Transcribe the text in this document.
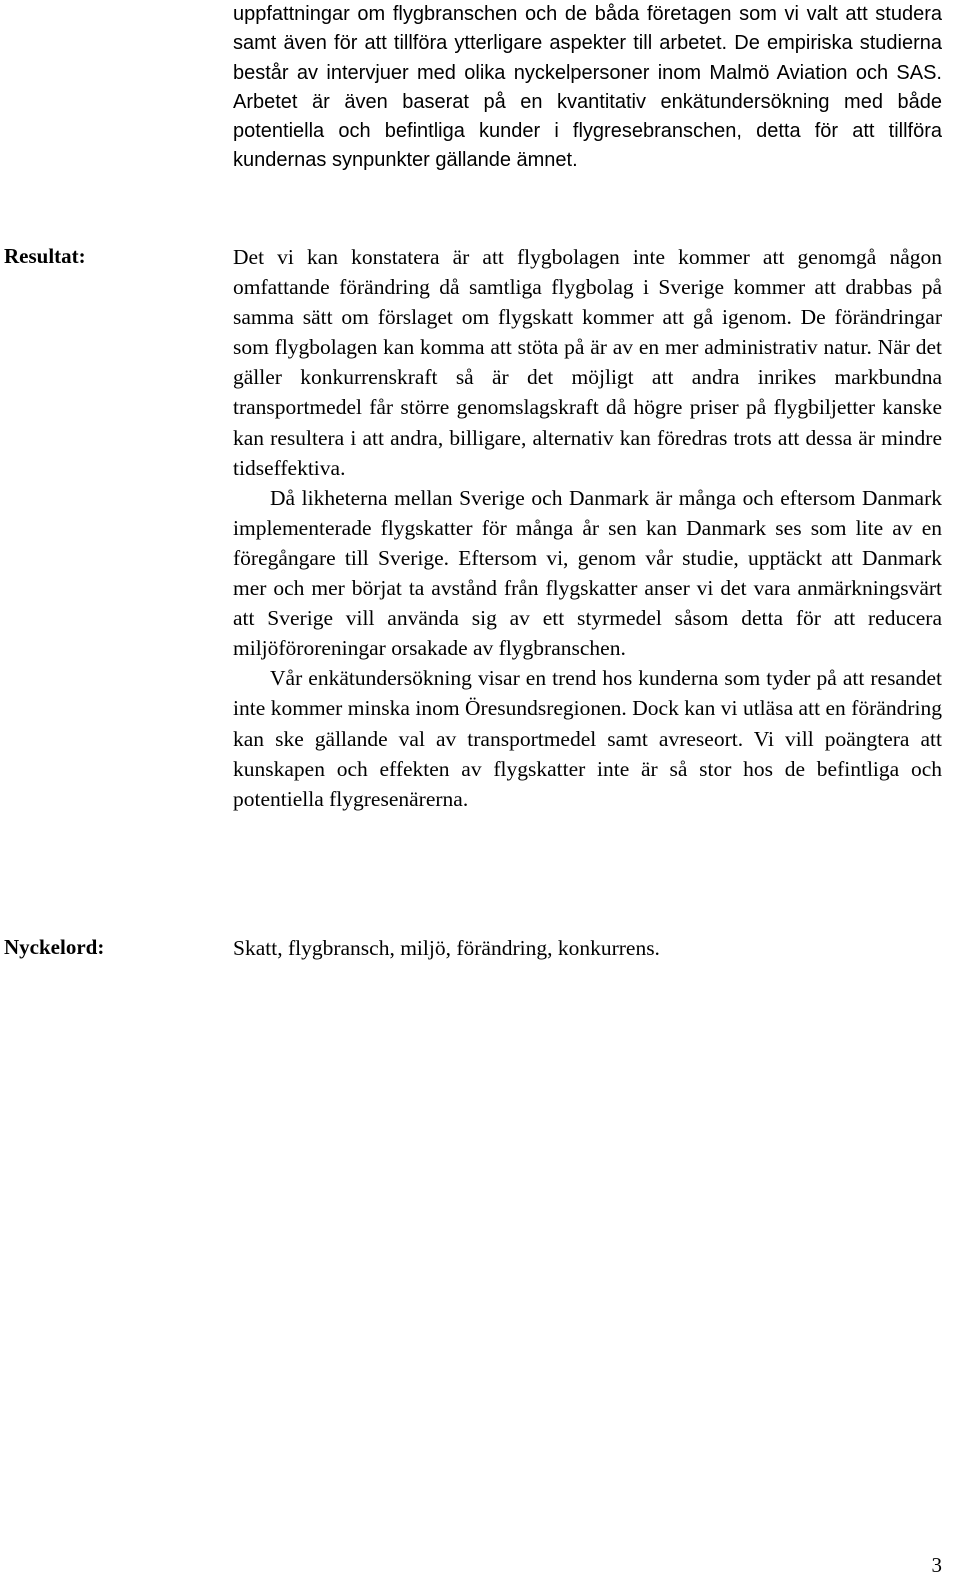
uppfattningar om flygbranschen och de båda företagen som vi valt att studera samt även för att tillföra ytterligare aspekter till arbetet. De empiriska studierna består av intervjuer med olika nyckelpersoner inom Malmö Aviation och SAS. Arbetet är även baserat på en kvantitativ enkätundersökning med både potentiella och befintliga kunder i flygresebranschen, detta för att tillföra kundernas synpunkter gällande ämnet.

Resultat:	Det vi kan konstatera är att flygbolagen inte kommer att genomgå någon omfattande förändring då samtliga flygbolag i Sverige kommer att drabbas på samma sätt om förslaget om flygskatt kommer att gå igenom. De förändringar som flygbolagen kan komma att stöta på är av en mer administrativ natur. När det gäller konkurrenskraft så är det möjligt att andra inrikes markbundna transportmedel får större genomslagskraft då högre priser på flygbiljetter kanske kan resultera i att andra, billigare, alternativ kan föredras trots att dessa är mindre tidseffektiva.

Då likheterna mellan Sverige och Danmark är många och eftersom Danmark implementerade flygskatter för många år sen kan Danmark ses som lite av en föregångare till Sverige. Eftersom vi, genom vår studie, upptäckt att Danmark mer och mer börjat ta avstånd från flygskatter anser vi det vara anmärkningsvärt att Sverige vill använda sig av ett styrmedel såsom detta för att reducera miljöföroreningar orsakade av flygbranschen.

Vår enkätundersökning visar en trend hos kunderna som tyder på att resandet inte kommer minska inom Öresundsregionen. Dock kan vi utläsa att en förändring kan ske gällande val av transportmedel samt avreseort. Vi vill poängtera att kunskapen och effekten av flygskatter inte är så stor hos de befintliga och potentiella flygresenärerna.

Nyckelord:	Skatt, flygbransch, miljö, förändring, konkurrens.

3
